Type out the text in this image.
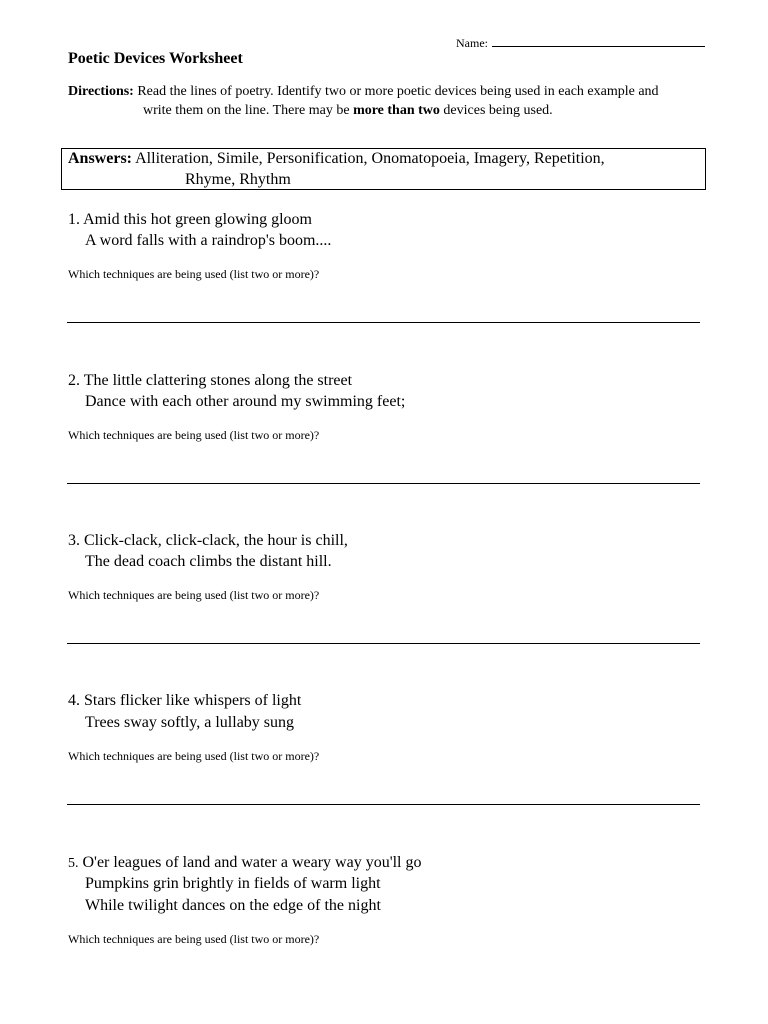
Name:
Poetic Devices Worksheet
Directions: Read the lines of poetry. Identify two or more poetic devices being used in each example and
write them on the line. There may be more than two devices being used.
Answers: Alliteration, Simile, Personification, Onomatopoeia, Imagery, Repetition,
Rhyme, Rhythm
1. Amid this hot green glowing gloom
A word falls with a raindrop's boom....
Which techniques are being used (list two or more)?
2. The little clattering stones along the street
Dance with each other around my swimming feet;
Which techniques are being used (list two or more)?
3. Click-clack, click-clack, the hour is chill,
The dead coach climbs the distant hill.
Which techniques are being used (list two or more)?
4. Stars flicker like whispers of light
Trees sway softly, a lullaby sung
Which techniques are being used (list two or more)?
5. O'er leagues of land and water a weary way you'll go
Pumpkins grin brightly in fields of warm light
While twilight dances on the edge of the night
Which techniques are being used (list two or more)?
